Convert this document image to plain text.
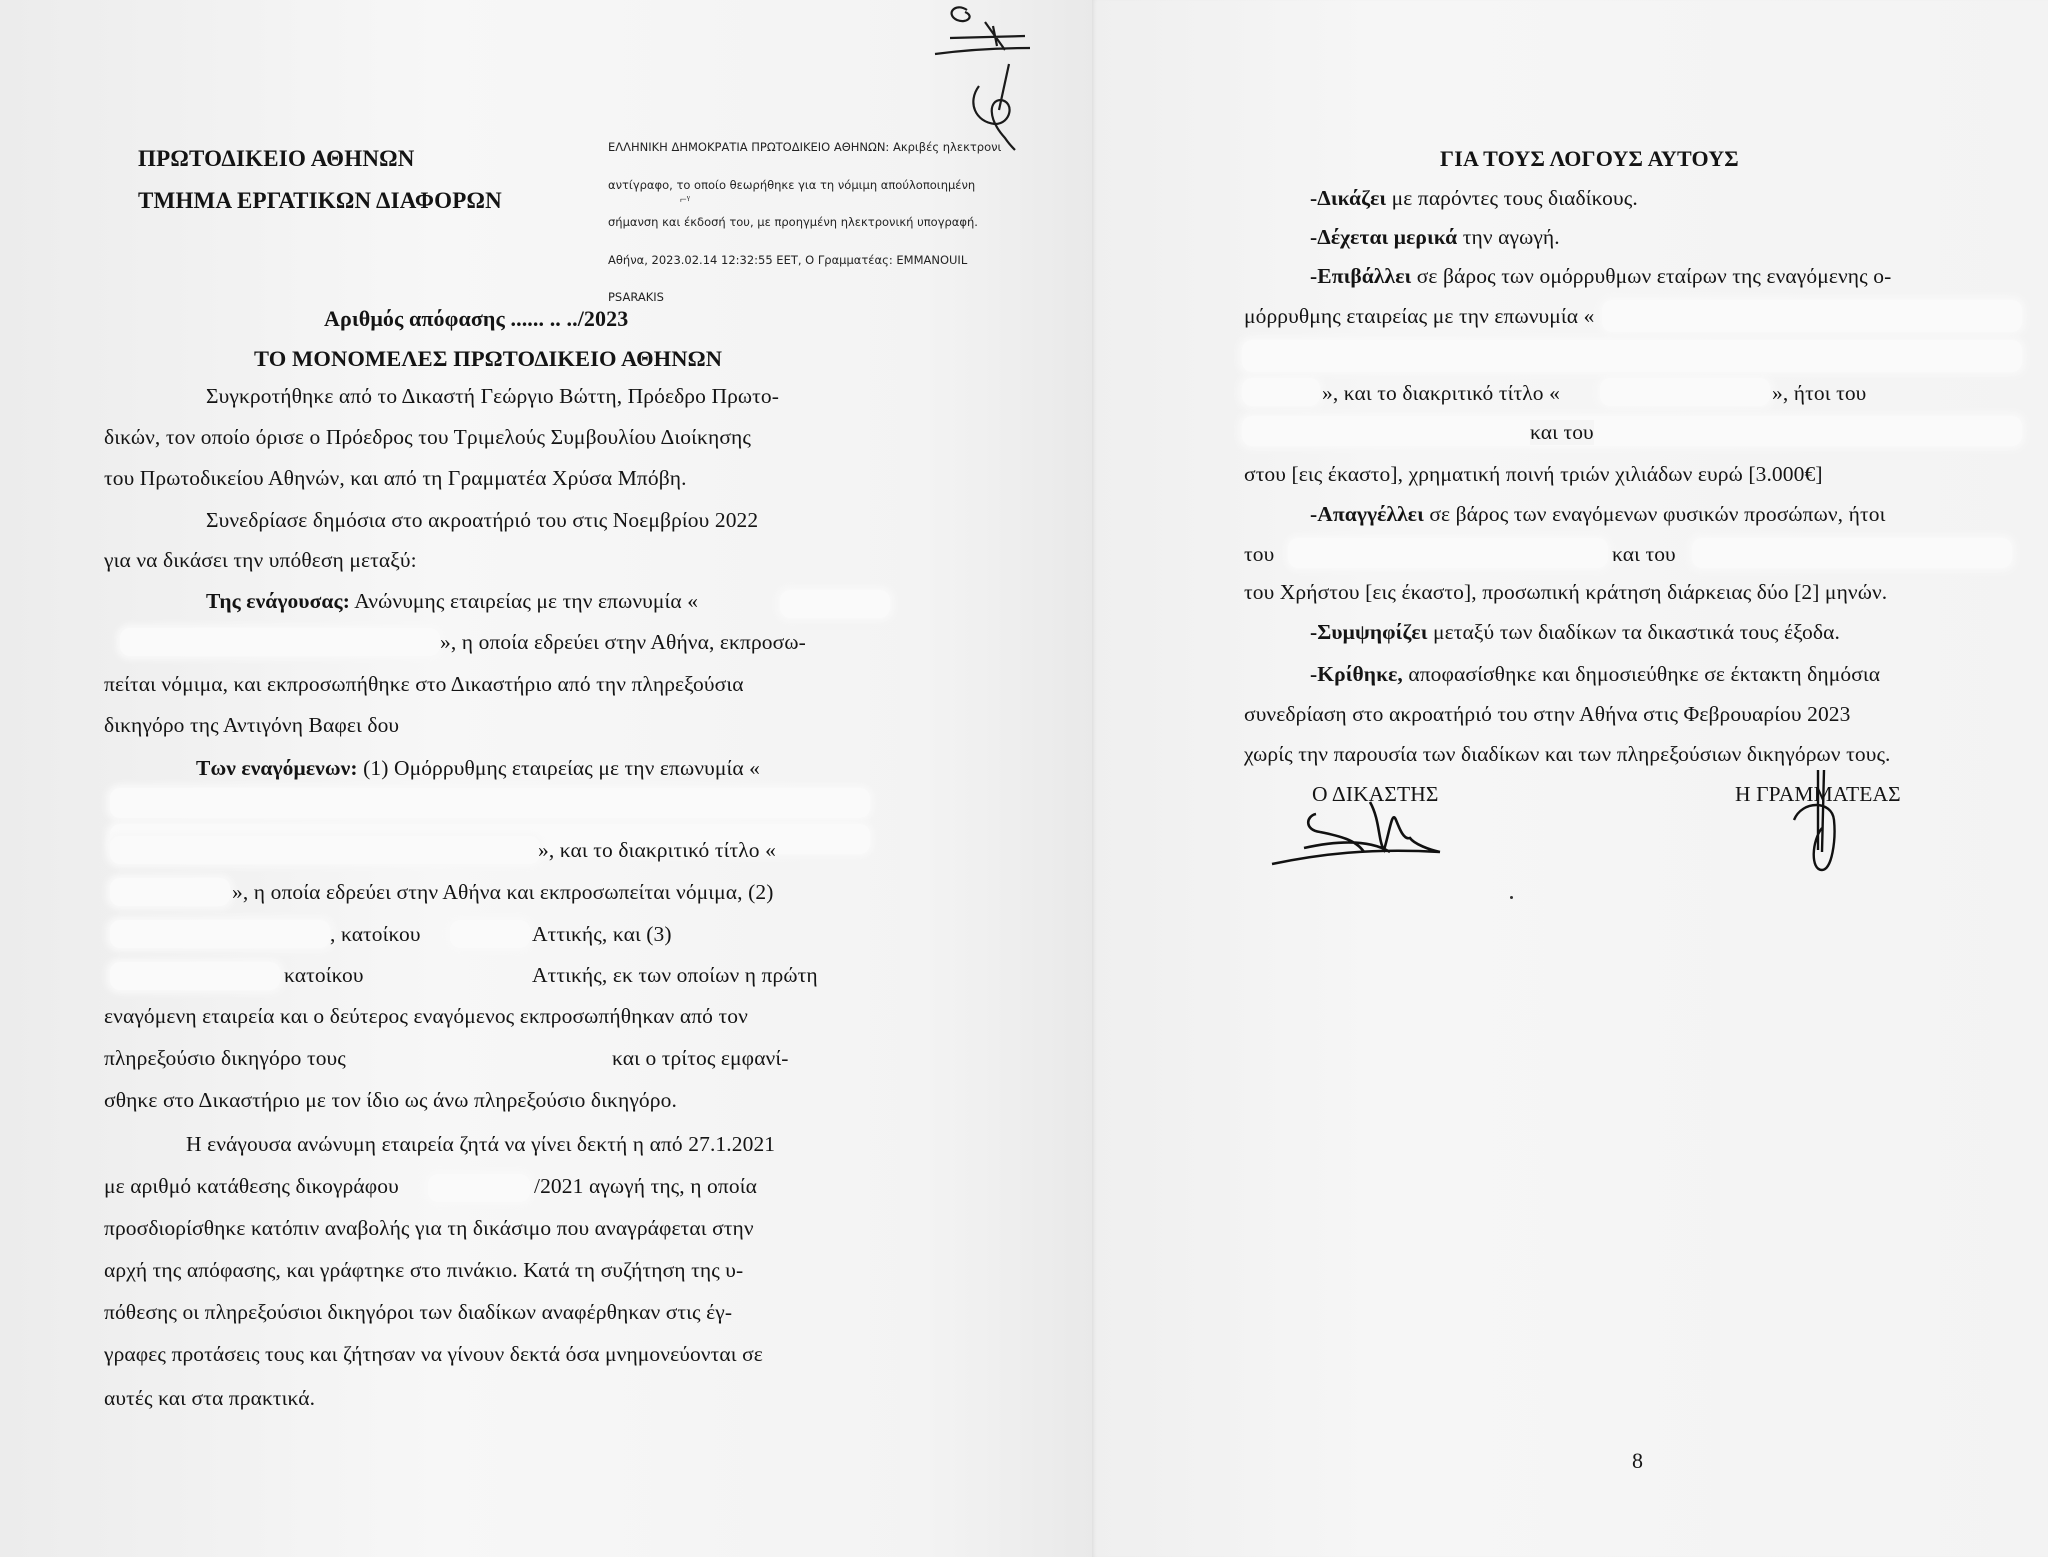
ΠΡΩΤΟΔΙΚΕΙΟ ΑΘΗΝΩΝ
ΤΜΗΜΑ ΕΡΓΑΤΙΚΩΝ ΔΙΑΦΟΡΩΝ

ΕΛΛΗΝΙΚΗ ΔΗΜΟΚΡΑΤΙΑ ΠΡΩΤΟΔΙΚΕΙΟ ΑΘΗΝΩΝ: Ακριβές ηλεκτρονι

αντίγραφο, το οποίο θεωρήθηκε για τη νόμιμη απούλοποιημένη

σήμανση και έκδοσή του, με προηγμένη ηλεκτρονική υπογραφή.

Αθήνα, 2023.02.14 12:32:55 EET, Ο Γραμματέας: EMMANOUIL

PSARAKIS

⌐ᵞ
Αριθμός απόφασης ...... .. ../2023
ΤΟ ΜΟΝΟΜΕΛΕΣ ΠΡΩΤΟΔΙΚΕΙΟ ΑΘΗΝΩΝ
Συγκροτήθηκε από το Δικαστή Γεώργιο Βώττη, Πρόεδρο Πρωτο-
δικών, τον οποίο όρισε ο Πρόεδρος του Τριμελούς Συμβουλίου Διοίκησης
του Πρωτοδικείου Αθηνών, και από τη Γραμματέα Χρύσα Μπόβη.
Συνεδρίασε δημόσια στο ακροατήριό του στις Νοεμβρίου 2022
για να δικάσει την υπόθεση μεταξύ:
Της ενάγουσας: Ανώνυμης εταιρείας με την επωνυμία «
», η οποία εδρεύει στην Αθήνα, εκπροσω-
πείται νόμιμα, και εκπροσωπήθηκε στο Δικαστήριο από την πληρεξούσια
δικηγόρο της Αντιγόνη Βαφει δου
Των εναγόμενων: (1) Ομόρρυθμης εταιρείας με την επωνυμία «
», και το διακριτικό τίτλο «
», η οποία εδρεύει στην Αθήνα και εκπροσωπείται νόμιμα, (2)
, κατοίκου	Αττικής, και (3)
κατοίκου	Αττικής, εκ των οποίων η πρώτη
εναγόμενη εταιρεία και ο δεύτερος εναγόμενος εκπροσωπήθηκαν από τον
πληρεξούσιο δικηγόρο τους	και ο τρίτος εμφανί-
σθηκε στο Δικαστήριο με τον ίδιο ως άνω πληρεξούσιο δικηγόρο.
Η ενάγουσα ανώνυμη εταιρεία ζητά να γίνει δεκτή η από 27.1.2021
με αριθμό κατάθεσης δικογράφου	/2021 αγωγή της, η οποία
προσδιορίσθηκε κατόπιν αναβολής για τη δικάσιμο που αναγράφεται στην
αρχή της απόφασης, και γράφτηκε στο πινάκιο. Κατά τη συζήτηση της υ-
πόθεσης οι πληρεξούσιοι δικηγόροι των διαδίκων αναφέρθηκαν στις έγ-
γραφες προτάσεις τους και ζήτησαν να γίνουν δεκτά όσα μνημονεύονται σε
αυτές και στα πρακτικά.
ΓΙΑ ΤΟΥΣ ΛΟΓΟΥΣ ΑΥΤΟΥΣ
-Δικάζει με παρόντες τους διαδίκους.
-Δέχεται μερικά την αγωγή.
-Επιβάλλει σε βάρος των ομόρρυθμων εταίρων της εναγόμενης ο-
μόρρυθμης εταιρείας με την επωνυμία «
», και το διακριτικό τίτλο «	», ήτοι του
και του
στου [εις έκαστο], χρηματική ποινή τριών χιλιάδων ευρώ [3.000€]
-Απαγγέλλει σε βάρος των εναγόμενων φυσικών προσώπων, ήτοι
του	και του
του Χρήστου [εις έκαστο], προσωπική κράτηση διάρκειας δύο [2] μηνών.
-Συμψηφίζει μεταξύ των διαδίκων τα δικαστικά τους έξοδα.
-Κρίθηκε, αποφασίσθηκε και δημοσιεύθηκε σε έκτακτη δημόσια
συνεδρίαση στο ακροατήριό του στην Αθήνα στις Φεβρουαρίου 2023
χωρίς την παρουσία των διαδίκων και των πληρεξούσιων δικηγόρων τους.
Ο ΔΙΚΑΣΤΗΣ	Η ΓΡΑΜΜΑΤΕΑΣ
8
